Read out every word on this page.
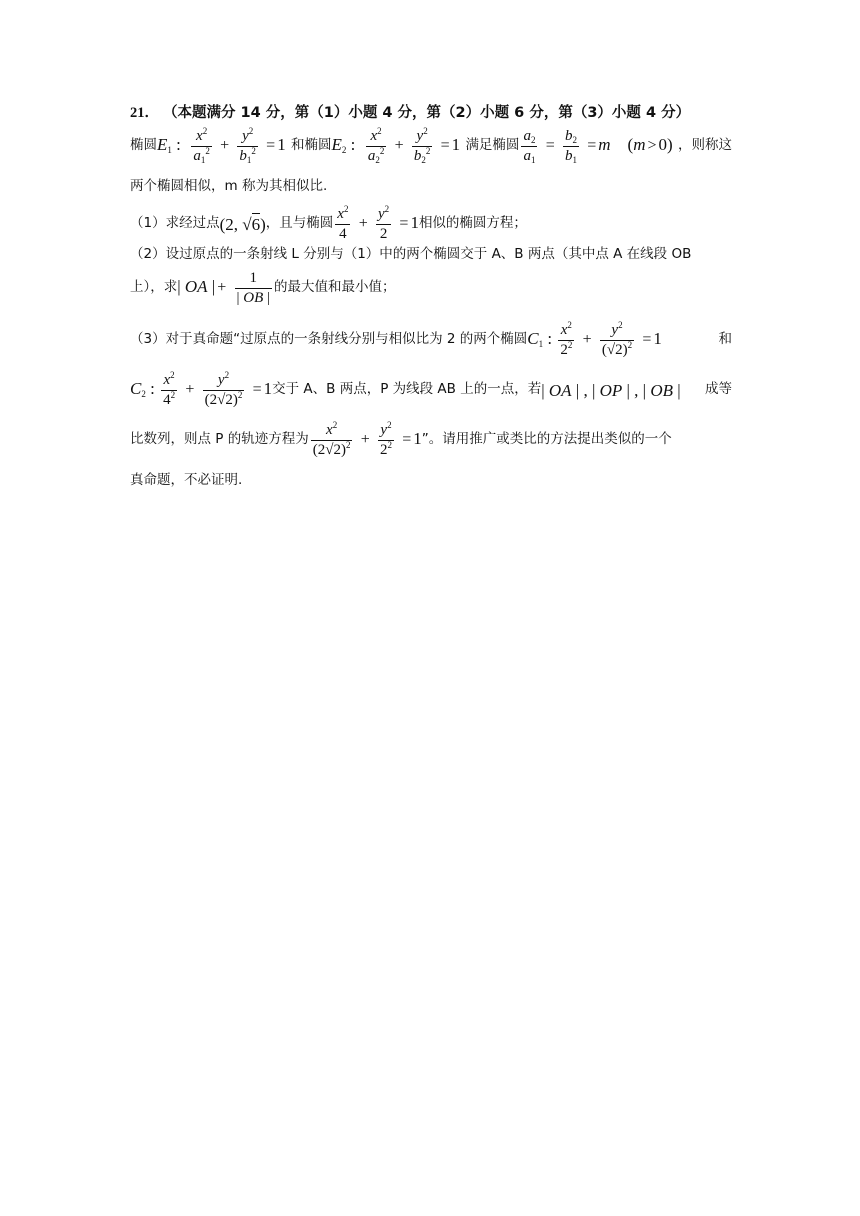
21． （本题满分 14 分，第（1）小题 4 分，第（2）小题 6 分，第（3）小题 4 分）
椭圆 $E_1$ : $\frac{x^2}{a_1^2} + \frac{y^2}{b_1^2} = 1$ 和椭圆 $E_2$ : $\frac{x^2}{a_2^2} + \frac{y^2}{b_2^2} = 1$ 满足椭圆 $\frac{a_2}{a_1} = \frac{b_2}{b_1} = m$    (m > 0) ，则称这
两个椭圆相似，m 称为其相似比.
（1）求经过点 (2, √6) ，且与椭圆 $\frac{x^2}{4} + \frac{y^2}{2} = 1$ 相似的椭圆方程；
（2）设过原点的一条射线 L 分别与（1）中的两个椭圆交于 A、B 两点（其中点 A 在线段 OB
上），求 | OA | + $\frac{1}{| OB |}$ 的最大值和最小值；
（3）对于真命题“过原点的一条射线分别与相似比为 2 的两个椭圆 $C_1$ : $\frac{x^2}{2^2} + \frac{y^2}{(√2)^2} = 1$	和
$C_2$ : $\frac{x^2}{4^2} + \frac{y^2}{(2√2)^2} = 1$ 交于 A、B 两点，P 为线段 AB 上的一点，若 | OA | , | OP | , | OB | 成等
比数列，则点 P 的轨迹方程为 $\frac{x^2}{(2√2)^2} + \frac{y^2}{2^2} = 1$ ”。请用推广或类比的方法提出类似的一个
真命题，不必证明.
